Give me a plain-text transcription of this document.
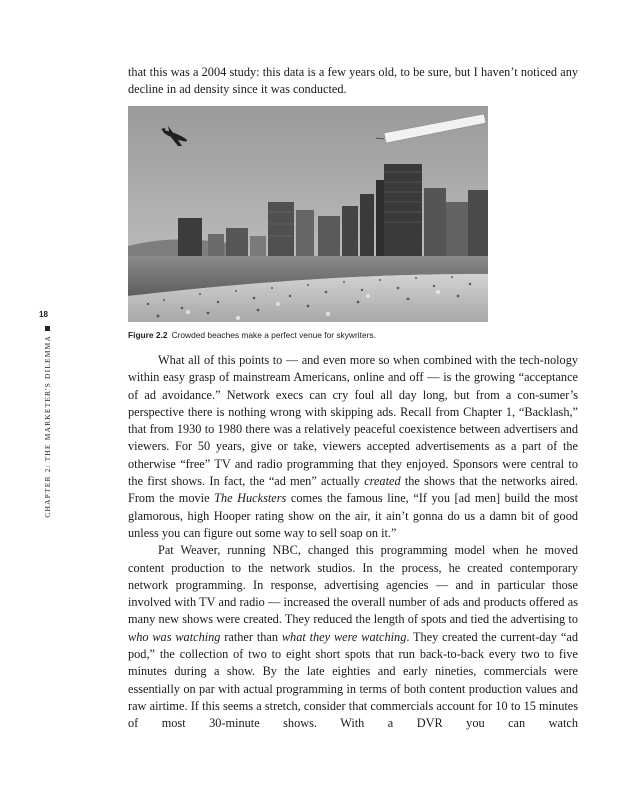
that this was a 2004 study: this data is a few years old, to be sure, but I haven’t noticed any decline in ad density since it was conducted.

Figure 2.2 Crowded beaches make a perfect venue for skywriters.
18
CHAPTER 2: THE MARKETER'S DILEMMA	What all of this points to — and even more so when combined with the tech-nology within easy grasp of mainstream Americans, online and off — is the growing “acceptance of ad avoidance.” Network execs can cry foul all day long, but from a con-sumer’s perspective there is nothing wrong with skipping ads. Recall from Chapter 1, “Backlash,” that from 1930 to 1980 there was a relatively peaceful coexistence between advertisers and viewers. For 50 years, give or take, viewers accepted advertisements as a part of the otherwise “free” TV and radio programming that they enjoyed. Sponsors were central to the first shows. In fact, the “ad men” actually created the shows that the networks aired. From the movie The Hucksters comes the famous line, “If you [ad men] build the most glamorous, high Hooper rating show on the air, it ain’t gonna do us a damn bit of good unless you can figure out some way to sell soap on it.”

Pat Weaver, running NBC, changed this programming model when he moved content production to the network studios. In the process, he created contemporary network programming. In response, advertising agencies — and in particular those involved with TV and radio — increased the overall number of ads and products offered as many new shows were created. They reduced the length of spots and tied the advertising to who was watching rather than what they were watching. They created the current-day “ad pod,” the collection of two to eight short spots that run back-to-back every two to five minutes during a show. By the late eighties and early nineties, commercials were essentially on par with actual programming in terms of both content production values and raw airtime. If this seems a stretch, consider that commercials account for 10 to 15 minutes of most 30-minute shows. With a DVR you can watch
